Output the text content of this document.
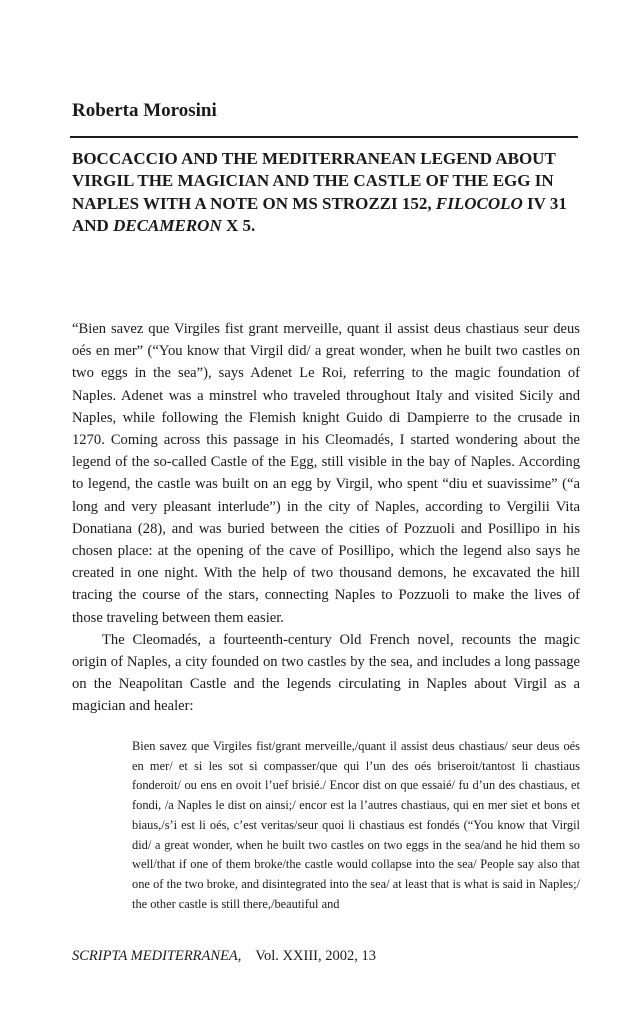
Roberta Morosini
BOCCACCIO AND THE MEDITERRANEAN LEGEND ABOUT VIRGIL THE MAGICIAN AND THE CASTLE OF THE EGG IN NAPLES WITH A NOTE ON MS STROZZI 152, FILOCOLO IV 31 AND DECAMERON X 5.

“Bien savez que Virgiles fist grant merveille, quant il assist deus chastiaus seur deus oés en mer” (“You know that Virgil did/ a great wonder, when he built two castles on two eggs in the sea”), says Adenet Le Roi, referring to the magic foundation of Naples. Adenet was a minstrel who traveled throughout Italy and visited Sicily and Naples, while following the Flemish knight Guido di Dampierre to the crusade in 1270. Coming across this passage in his Cleomadés, I started wondering about the legend of the so-called Castle of the Egg, still visible in the bay of Naples. According to legend, the castle was built on an egg by Virgil, who spent “diu et suavissime” (“a long and very pleasant interlude”) in the city of Naples, according to Vergilii Vita Donatiana (28), and was buried between the cities of Pozzuoli and Posillipo in his chosen place: at the opening of the cave of Posillipo, which the legend also says he created in one night. With the help of two thousand demons, he excavated the hill tracing the course of the stars, connecting Naples to Pozzuoli to make the lives of those traveling between them easier.

The Cleomadés, a fourteenth-century Old French novel, recounts the magic origin of Naples, a city founded on two castles by the sea, and includes a long passage on the Neapolitan Castle and the legends circulating in Naples about Virgil as a magician and healer:

Bien savez que Virgiles fist/grant merveille,/quant il assist deus chastiaus/ seur deus oés en mer/ et si les sot si compasser/que qui l’un des oés briseroit/tantost li chastiaus fonderoit/ ou ens en ovoit l’uef brisié./ Encor dist on que essaié/ fu d’un des chastiaus, et fondi, /a Naples le dist on ainsi;/ encor est la l’autres chastiaus, qui en mer siet et bons et biaus,/s’i est li oés, c’est veritas/seur quoi li chastiaus est fondés (“You know that Virgil did/ a great wonder, when he built two castles on two eggs in the sea/and he hid them so well/that if one of them broke/the castle would collapse into the sea/ People say also that one of the two broke, and disintegrated into the sea/ at least that is what is said in Naples;/ the other castle is still there,/beautiful and

SCRIPTA MEDITERRANEA, Vol. XXIII, 2002, 13
